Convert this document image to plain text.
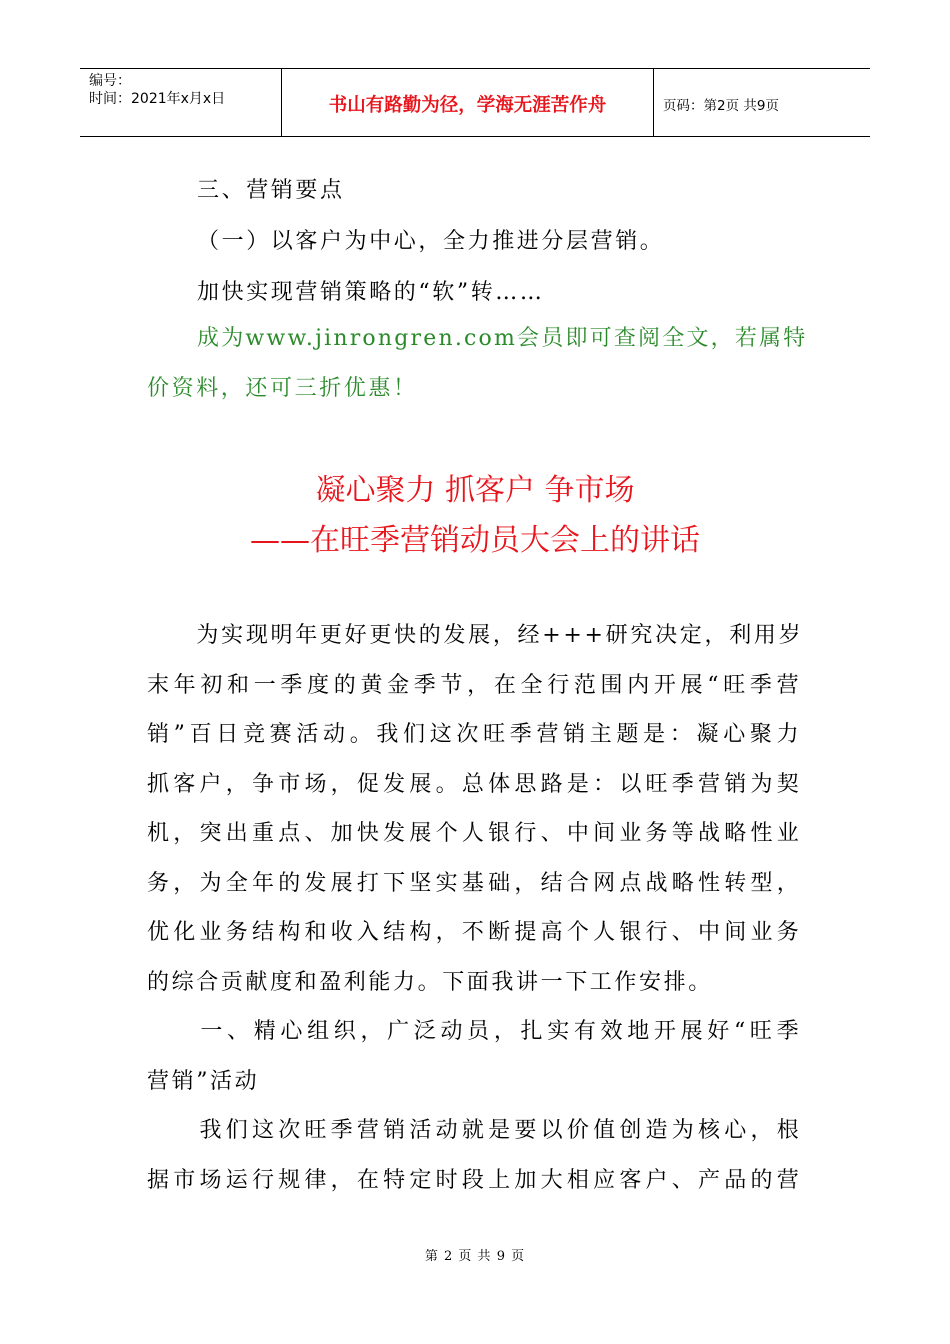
编号：
时间：2021年x月x日	书山有路勤为径，学海无涯苦作舟	页码：第2页 共9页
三、营销要点
（一）以客户为中心，全力推进分层营销。
加快实现营销策略的“软”转……
成为www.jinrongren.com会员即可查阅全文，若属特
价资料，还可三折优惠！
凝心聚力 抓客户 争市场
——在旺季营销动员大会上的讲话
　　为实现明年更好更快的发展，经+++研究决定，利用岁
末年初和一季度的黄金季节，在全行范围内开展“旺季营
销”百日竞赛活动。我们这次旺季营销主题是：凝心聚力
抓客户，争市场，促发展。总体思路是：以旺季营销为契
机，突出重点、加快发展个人银行、中间业务等战略性业
务，为全年的发展打下坚实基础，结合网点战略性转型，
优化业务结构和收入结构，不断提高个人银行、中间业务
的综合贡献度和盈利能力。下面我讲一下工作安排。
　　一、精心组织，广泛动员，扎实有效地开展好“旺季
营销”活动
　　我们这次旺季营销活动就是要以价值创造为核心，根
据市场运行规律，在特定时段上加大相应客户、产品的营
第 2 页 共 9 页
